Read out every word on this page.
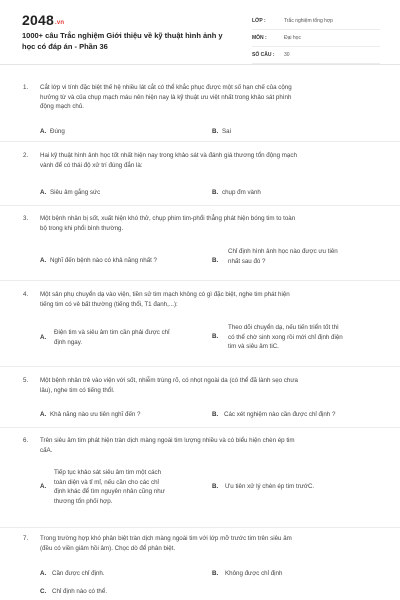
2048.vn
1000+ câu Trắc nghiệm Giới thiệu về kỹ thuật hình ảnh y học có đáp án - Phần 36
LỚP :	Trắc nghiệm tổng hợp
MÔN :	Đại học
SỐ CÂU :	30
1.	Cắt lớp vi tính đặc biệt thế hệ nhiều lát cắt có thể khắc phục được một số hạn chế của cộng
hưởng từ và của chụp mạch máu nên hiện nay là kỹ thuật ưu việt nhất trong khảo sát phình
động mạch chủ.
A. Đúng	B. Sai
2.	Hai kỹ thuật hình ảnh học tốt nhất hiện nay trong khảo sát và đánh giá thương tổn động mạch
vành để có thái độ xử trí đúng đắn là:
A. Siêu âm gắng sức	B. chụp đm vành
3.	Một bệnh nhân bị sốt, xuất hiện khó thở, chụp phim tim-phổi thẳng phát hiện bóng tim to toàn
bộ trong khi phổi bình thường.
A. Nghĩ đến bệnh nào có khả năng nhất ?	B.
Chỉ định hình ảnh học nào được ưu tiên
nhất sau đó ?
4.	Một sản phụ chuyển dạ vào viện, tiền sử tim mạch không có gì đặc biệt, nghe tim phát hiện
tiếng tim có vẻ bất thường (tiếng thổi, T1 đanh,...):
A.
Điện tim và siêu âm tim cần phải được chỉ
định ngay.
B.
Theo dõi chuyển dạ, nếu tiến triển tốt thì
có thể chờ sinh xong rồi mới chỉ định điện
tim và siêu âm tiC.
5.	Một bệnh nhân trẻ vào viện với sốt, nhiễm trùng rõ, có nhọt ngoài da (có thể đã lành sẹo chưa
lâu), nghe tim có tiếng thổI.
A. Khả năng nào ưu tiên nghĩ đến ?	B. Các xét nghiệm nào cần được chỉ định ?
6.	Trên siêu âm tim phát hiện tràn dịch màng ngoài tim lượng nhiều và có biểu hiện chèn ép tim
cấA.
A.
Tiếp tục khảo sát siêu âm tim một cách
toàn diện và tỉ mỉ, nếu cần cho các chỉ
định khác để tìm nguyên nhân cũng như
thương tổn phối hợp.
B. Ưu tiên xử lý chèn ép tim trướC.
7.	Trong trường hợp khó phân biệt tràn dịch màng ngoài tim với lớp mỡ trước tim trên siêu âm
(đều có viền giảm hồi âm). Chọc dò để phân biệt.
A. Cần được chỉ định.	B. Không được chỉ định
C. Chỉ định nào có thể.
